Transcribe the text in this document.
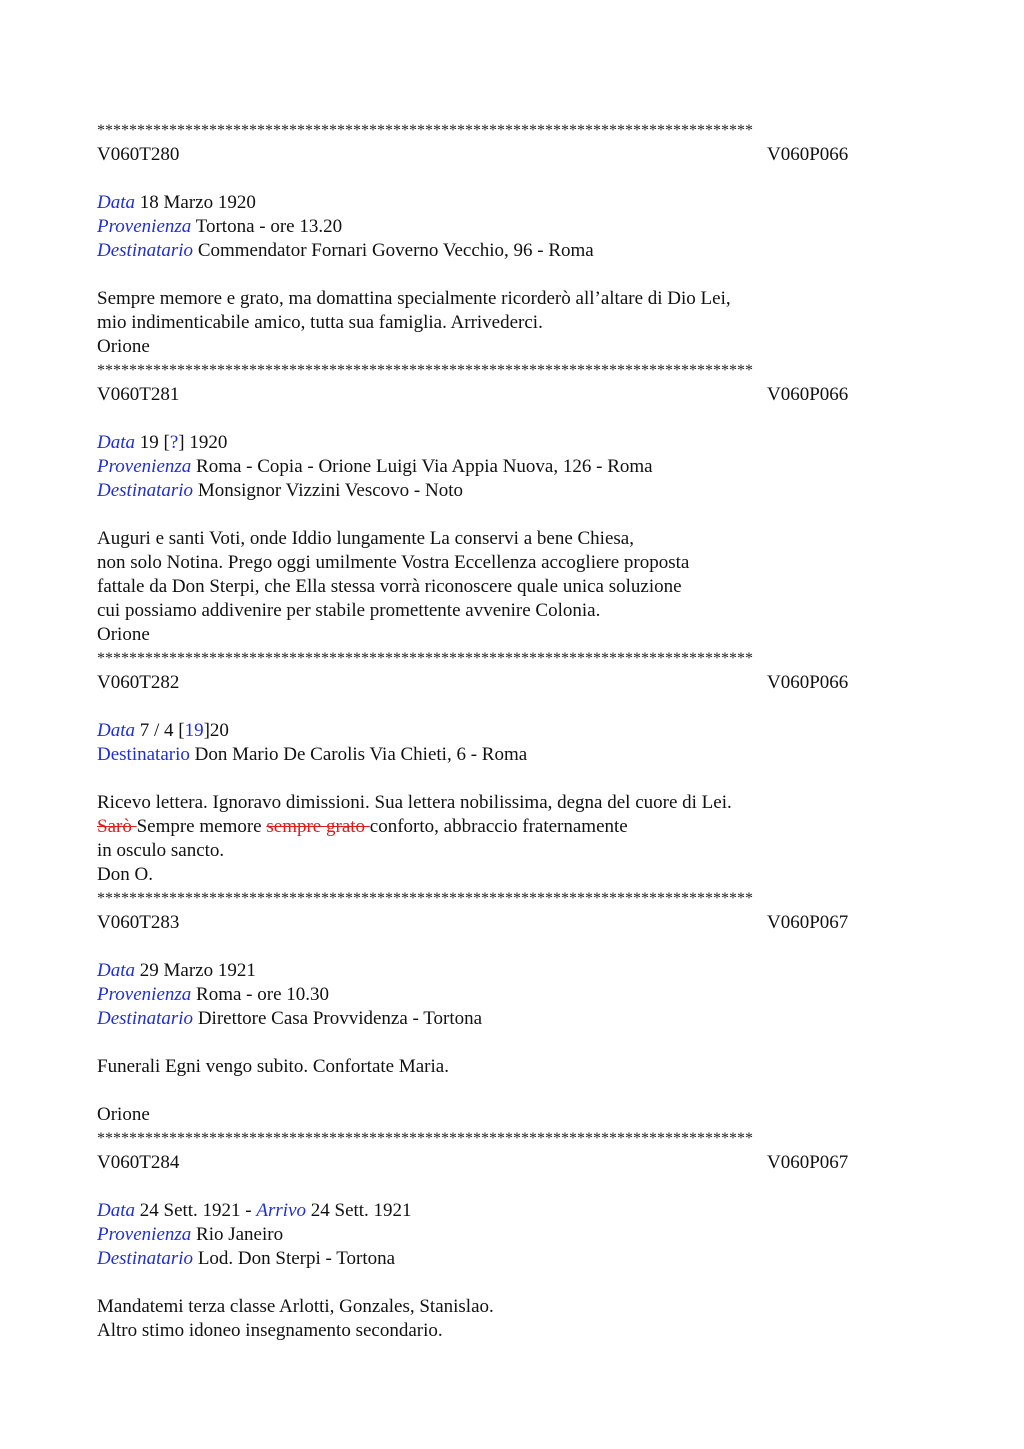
**********************************************************************************
V060T280	V060P066
Data 18 Marzo 1920
Provenienza Tortona - ore 13.20
Destinatario Commendator Fornari Governo Vecchio, 96 - Roma
Sempre memore e grato, ma domattina specialmente ricorderò all’altare di Dio Lei,
mio indimenticabile amico, tutta sua famiglia. Arrivederci.
Orione
**********************************************************************************
V060T281	V060P066
Data 19 [?] 1920
Provenienza Roma - Copia - Orione Luigi Via Appia Nuova, 126 - Roma
Destinatario Monsignor Vizzini Vescovo - Noto
Auguri e santi Voti, onde Iddio lungamente La conservi a bene Chiesa,
non solo Notina. Prego oggi umilmente Vostra Eccellenza accogliere proposta
fattale da Don Sterpi, che Ella stessa vorrà riconoscere quale unica soluzione
cui possiamo addivenire per stabile promettente avvenire Colonia.
Orione
**********************************************************************************
V060T282	V060P066
Data 7 / 4 [19]20
Destinatario Don Mario De Carolis Via Chieti, 6 - Roma
Ricevo lettera. Ignoravo dimissioni. Sua lettera nobilissima, degna del cuore di Lei.
Sarò Sempre memore sempre grato conforto, abbraccio fraternamente
in osculo sancto.
Don O.
**********************************************************************************
V060T283	V060P067
Data 29 Marzo 1921
Provenienza Roma - ore 10.30
Destinatario Direttore Casa Provvidenza - Tortona
Funerali Egni vengo subito. Confortate Maria.
Orione
**********************************************************************************
V060T284	V060P067
Data 24 Sett. 1921 - Arrivo 24 Sett. 1921
Provenienza Rio Janeiro
Destinatario Lod. Don Sterpi - Tortona
Mandatemi terza classe Arlotti, Gonzales, Stanislao.
Altro stimo idoneo insegnamento secondario.
